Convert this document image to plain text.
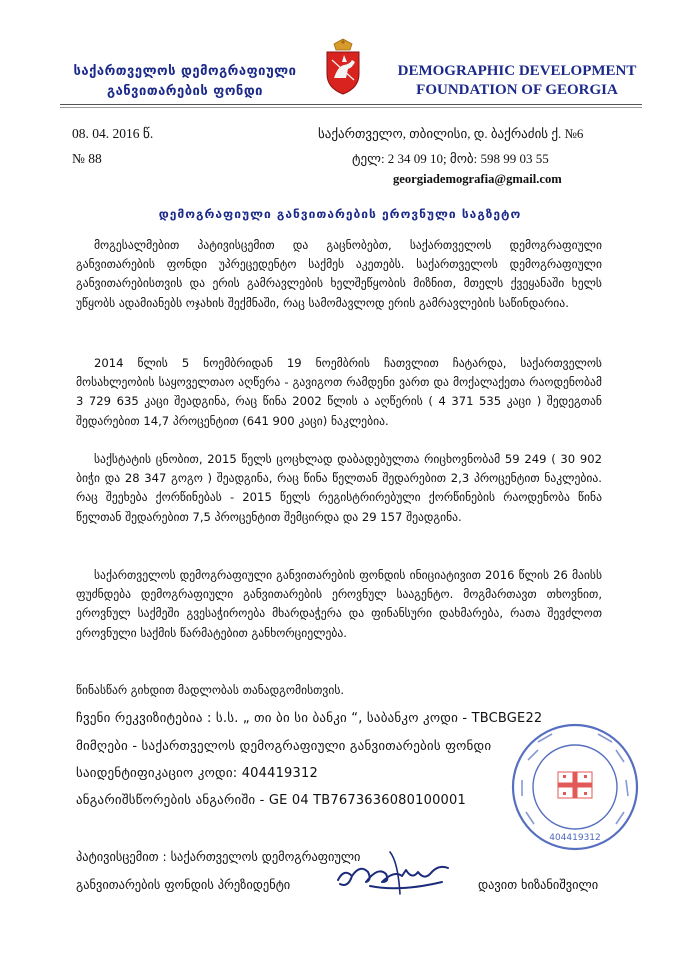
საქართველოს დემოგრაფიული
განვითარების ფონდი
DEMOGRAPHIC DEVELOPMENT
FOUNDATION OF GEORGIA
08. 04. 2016 წ.
№ 88
საქართველო, თბილისი, დ. ბაქრაძის ქ. №6
ტელ: 2 34 09 10; მობ: 598 99 03 55
georgiademografia@gmail.com
დემოგრაფიული განვითარების ეროვნული საგზეტო
მოგესალმებით პატივისცემით და გაცნობებთ, საქართველოს დემოგრაფიული განვითარების ფონდი უპრეცედენტო საქმეს აკეთებს. საქართველოს დემოგრაფიული განვითარებისთვის და ერის გამრავლების ხელშეწყობის მიზნით, მთელს ქვეყანაში ხელს უწყობს ადამიანებს ოჯახის შექმნაში, რაც სამომავლოდ ერის გამრავლების საწინდარია.
2014 წლის 5 ნოემბრიდან 19 ნოემბრის ჩათვლით ჩატარდა, საქართველოს მოსახლეობის საყოველთაო აღწერა - გავიგოთ რამდენი ვართ და მოქალაქეთა რაოდენობამ 3 729 635 კაცი შეადგინა, რაც წინა 2002 წლის ა აღწერის ( 4 371 535 კაცი ) შედეგთან შედარებით 14,7 პროცენტით (641 900 კაცი) ნაკლებია.
საქსტატის ცნობით, 2015 წელს ცოცხლად დაბადებულთა რიცხოვნობამ 59 249 ( 30 902 ბიჭი და 28 347 გოგო ) შეადგინა, რაც წინა წელთან შედარებით 2,3 პროცენტით ნაკლებია. რაც შეეხება ქორწინებას - 2015 წელს რეგისტრირებული ქორწინების რაოდენობა წინა წელთან შედარებით 7,5 პროცენტით შემცირდა და 29 157 შეადგინა.
საქართველოს დემოგრაფიული განვითარების ფონდის ინიციატივით 2016 წლის 26 მაისს ფუძნდება დემოგრაფიული განვითარების ეროვნულ სააგენტო. მოგმართავთ თხოვნით, ეროვნულ საქმეში გვესაჭიროება მხარდაჭერა და ფინანსური დახმარება, რათა შევძლოთ ეროვნული საქმის წარმატებით განხორციელება.
წინასწარ გიხდით მადლობას თანადგომისთვის.
ჩვენი რეკვიზიტებია : ს.ს. „ თი ბი სი ბანკი “, საბანკო კოდი - TBCBGE22
მიმღები - საქართველოს დემოგრაფიული განვითარების ფონდი
საიდენტიფიკაციო კოდი: 404419312
ანგარიშსწორების ანგარიში - GE 04 TB7673636080100001
404419312
პატივისცემით : საქართველოს დემოგრაფიული
განვითარების ფონდის პრეზიდენტი	დავით ხიზანიშვილი
